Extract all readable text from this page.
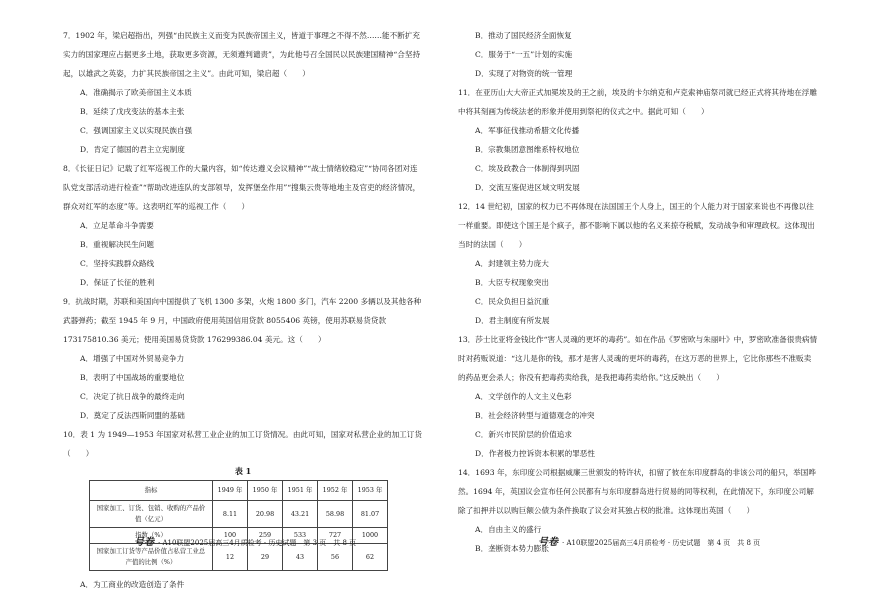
7．1902 年，梁启超指出，列强“由民族主义而变为民族帝国主义，皆道于事理之不得不然……能不断扩充实力的国家理应占据更多土地，获取更多资源，无须遵判谴责”，为此他号召全国民以民族建国精神“合坚持起，以雄武之英姿，力扩其民族帝国之主义”。由此可知，梁启超（　　）

A．准确揭示了欧美帝国主义本质
B．延续了戊戌变法的基本主张
C．强调国家主义以实现民族自强
D．肯定了德国的君主立宪制度

8．《长征日记》记载了红军巡视工作的大量内容，如“传达遵义会议精神”“战士情绪较稳定”“协同各团对连队党支部活动进行检查”“帮助改进连队的支部领导，发挥堡垒作用”“搜集云贵等地地主及官吏的经济情况，群众对红军的态度”等。这表明红军的巡视工作（　　）

A．立足革命斗争需要
B．重视解决民生问题
C．坚持实践群众路线
D．保证了长征的胜利

9．抗战时期，苏联和美国向中国提供了飞机 1300 多架，火炮 1800 多门，汽车 2200 多辆以及其他各种武器弹药；截至 1945 年 9 月，中国政府使用英国信用贷款 8055406 英镑，使用苏联易货贷款 173175810.36 美元；使用美国易货贷款 176299386.04 美元。这（　　）

A．增强了中国对外贸易竞争力
B．表明了中国战场的重要地位
C．决定了抗日战争的最终走向
D．奠定了反法西斯同盟的基础

10．表 1 为 1949—1953 年国家对私营工业企业的加工订货情况。由此可知，国家对私营企业的加工订货（　　）

表 1
指标	1949 年	1950 年	1951 年	1952 年	1953 年
国家加工、订货、包销、收购的产品价值（亿元）	8.11	20.98	43.21	58.98	81.07
指数（%）	100	259	533	727	1000
国家加工订货等产品价值占私营工业总产值的比例（%）	12	29	43	56	62
A．为工商业的改造创造了条件
号卷 · A10联盟2025届高三4月质检考 · 历史试题　第 3 页　共 8 页
B．推动了国民经济全面恢复
C．服务于“一五”计划的实施
D．实现了对物资的统一管理

11．在亚历山大大帝正式加冕埃及的王之前，埃及的卡尔纳克和卢克索神庙祭司就已经正式将其待地在浮雕中将其刻画为传统法老的形象并使用到祭祀的仪式之中。据此可知（　　）

A．军事征伐推动希腊文化传播
B．宗教集团意图维系特权地位
C．埃及政教合一体制得到巩固
D．交流互鉴促进区域文明发展

12．14 世纪初，国家的权力已不再体现在法国国王个人身上，国王的个人能力对于国家来说也不再像以往一样重要。即使这个国王是个疯子，都不影响下属以他的名义来掠夺税赋，发动战争和审理政权。这体现出当时的法国（　　）

A．封建领主势力庞大
B．大臣专权现象突出
C．民众负担日益沉重
D．君主制度有所发展

13．莎士比亚将金钱比作“害人灵魂的更坏的毒药”。如在作品《罗密欧与朱丽叶》中，罗密欧准备很贵病情时对药贩说道：“这儿是你的钱，那才是害人灵魂的更坏的毒药，在这万恶的世界上，它比你那些不准贩卖的药品更会杀人；你没有把毒药卖给我，是我把毒药卖给你。”这反映出（　　）

A．文学创作的人文主义色彩
B．社会经济转型与道德观念的冲突
C．新兴市民阶层的价值追求
D．作者极力控诉资本积累的罪恶性

14．1693 年，东印度公司根据威廉三世颁发的特许状，扣留了彼在东印度群岛的非该公司的船只，举国哗然。1694 年，英国议会宣布任何公民都有与东印度群岛进行贸易的同等权利，在此情况下，东印度公司解除了扣押并以以购巨额公债为条件换取了议会对其独占权的批准。这体现出英国（　　）

A．自由主义的盛行
B．垄断资本势力膨胀
号卷 · A10联盟2025届高三4月质检考 · 历史试题　第 4 页　共 8 页
